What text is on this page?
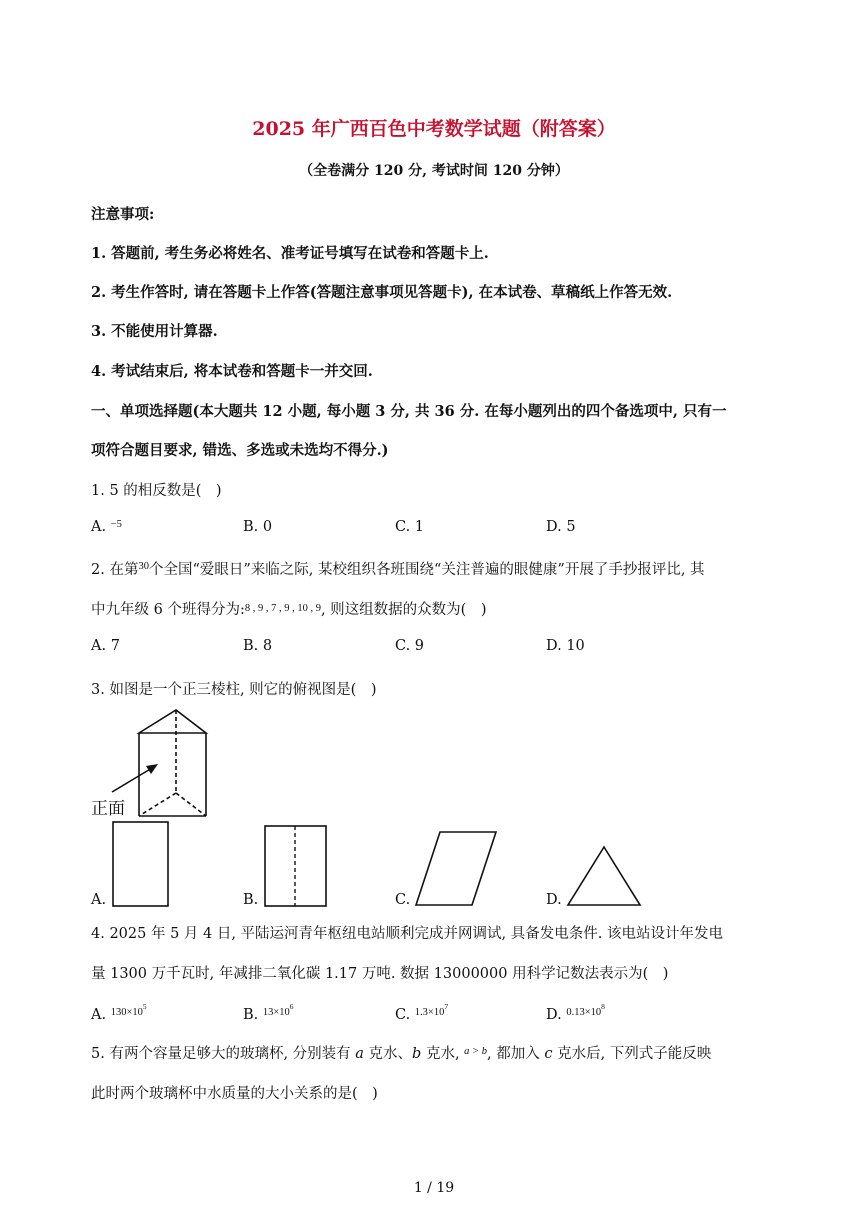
2025 年广西百色中考数学试题（附答案）
（全卷满分 120 分, 考试时间 120 分钟）
注意事项:
1. 答题前, 考生务必将姓名、准考证号填写在试卷和答题卡上.
2. 考生作答时, 请在答题卡上作答(答题注意事项见答题卡), 在本试卷、草稿纸上作答无效.
3. 不能使用计算器.
4. 考试结束后, 将本试卷和答题卡一并交回.
一、单项选择题(本大题共 12 小题, 每小题 3 分, 共 36 分. 在每小题列出的四个备选项中, 只有一
项符合题目要求, 错选、多选或未选均不得分.)
1. 5 的相反数是(　)
A. $^{-5}$	B. 0	C. 1	D. 5
2. 在第$^{30}$个全国“爱眼日”来临之际, 某校组织各班围绕“关注普遍的眼健康”开展了手抄报评比, 其
中九年级 6 个班得分为:$^{8 , 9 , 7 , 9 , 10 , 9}$, 则这组数据的众数为(　)
A. 7	B. 8	C. 9	D. 10
3. 如图是一个正三棱柱, 则它的俯视图是(　)
正面
A.	B.	C.	D.
4. 2025 年 5 月 4 日, 平陆运河青年枢纽电站顺利完成并网调试, 具备发电条件. 该电站设计年发电
量 1300 万千瓦时, 年减排二氧化碳 1.17 万吨. 数据 13000000 用科学记数法表示为(　)
A. $^{130\times 105}$
B. $^{13\times 106}$
C. $^{1.3\times 107}$
D. $^{0.13\times 108}$
5. 有两个容量足够大的玻璃杯, 分别装有 a 克水、b 克水, $^{a > b}$, 都加入 c 克水后, 下列式子能反映
此时两个玻璃杯中水质量的大小关系的是(　)
1 / 19
